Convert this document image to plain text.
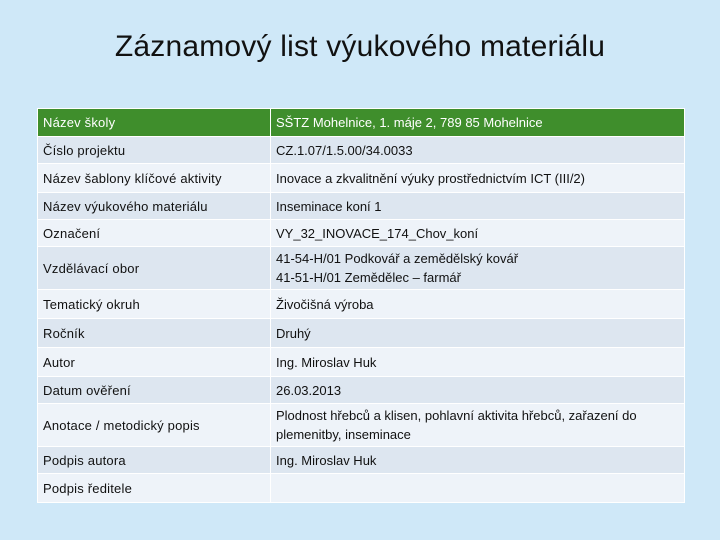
Záznamový list výukového materiálu
Název školy	SŠTZ Mohelnice, 1. máje 2, 789 85 Mohelnice

Číslo projektu	CZ.1.07/1.5.00/34.0033

Název šablony klíčové aktivity	Inovace a zkvalitnění výuky prostřednictvím ICT (III/2)

Název výukového materiálu	Inseminace koní 1

Označení	VY_32_INOVACE_174_Chov_koní

Vzdělávací obor	41-54-H/01 Podkovář a zemědělský kovář
41-51-H/01 Zemědělec – farmář

Tematický okruh	Živočišná výroba

Ročník	Druhý

Autor	Ing. Miroslav Huk

Datum ověření	26.03.2013

Anotace / metodický popis	Plodnost hřebců a klisen, pohlavní aktivita hřebců, zařazení do
plemenitby, inseminace

Podpis autora	Ing. Miroslav Huk

Podpis ředitele	
